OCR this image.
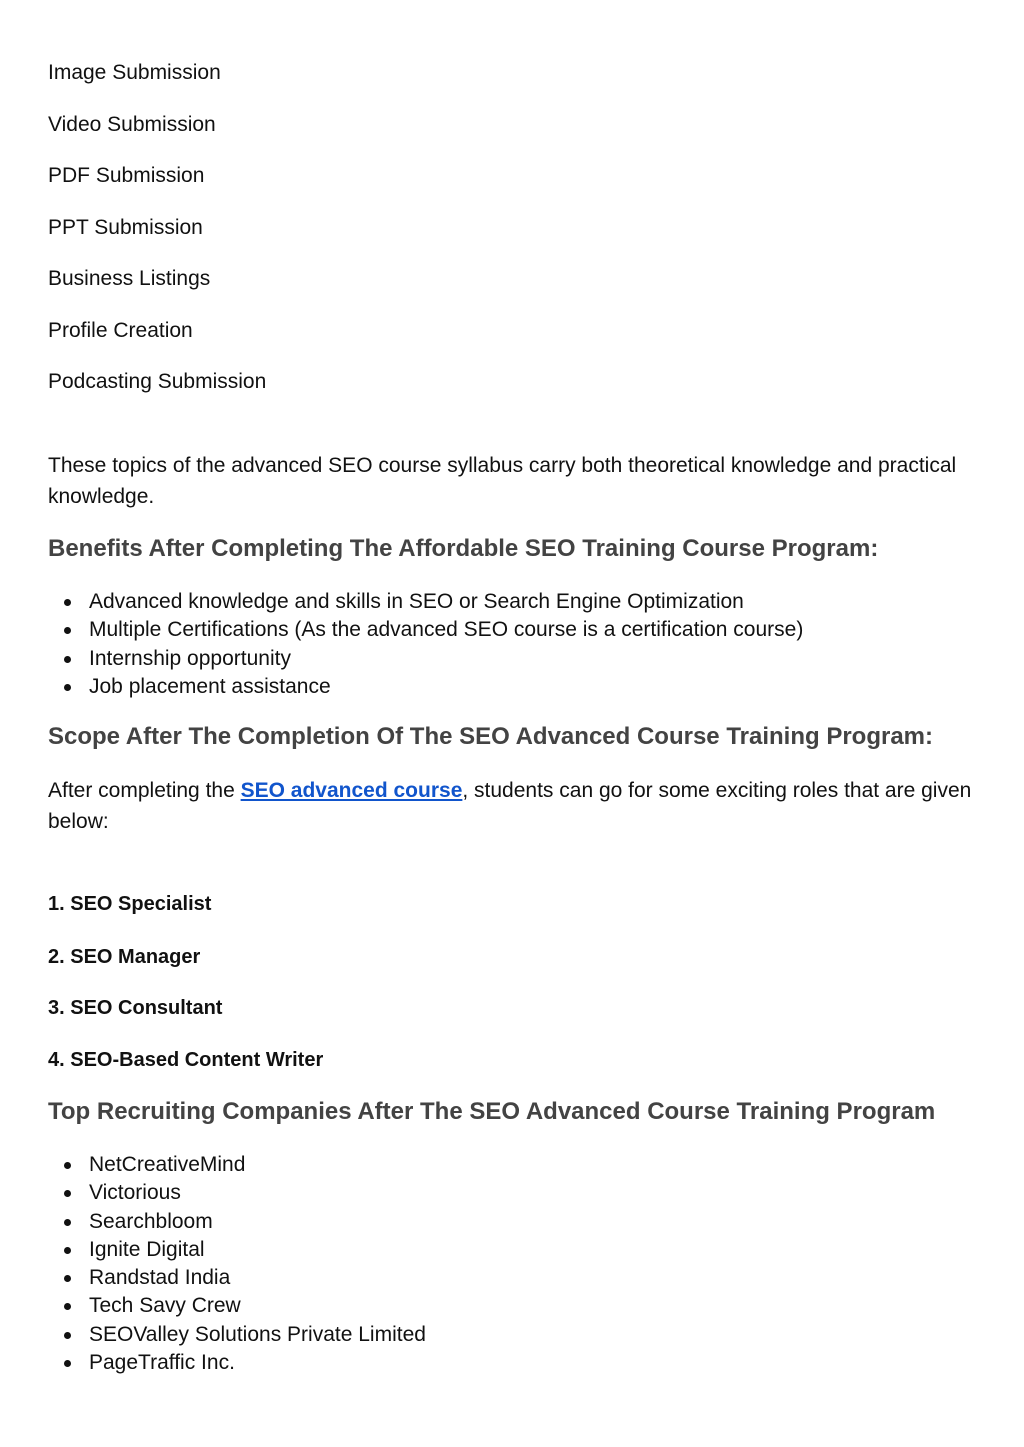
Image Submission

Video Submission

PDF Submission

PPT Submission

Business Listings

Profile Creation

Podcasting Submission

These topics of the advanced SEO course syllabus carry both theoretical knowledge and practical knowledge.

Benefits After Completing The Affordable SEO Training Course Program:
Advanced knowledge and skills in SEO or Search Engine Optimization
Multiple Certifications (As the advanced SEO course is a certification course)
Internship opportunity
Job placement assistance
Scope After The Completion Of The SEO Advanced Course Training Program:

After completing the SEO advanced course, students can go for some exciting roles that are given below:

1. SEO Specialist

2. SEO Manager

3. SEO Consultant

4. SEO-Based Content Writer

Top Recruiting Companies After The SEO Advanced Course Training Program
NetCreativeMind
Victorious
Searchbloom
Ignite Digital
Randstad India
Tech Savy Crew
SEOValley Solutions Private Limited
PageTraffic Inc.
